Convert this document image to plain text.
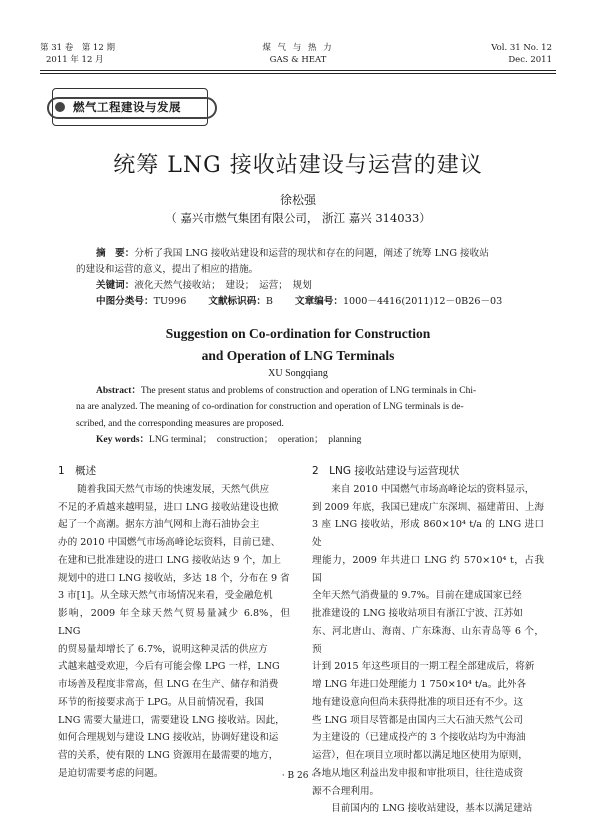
第 31 卷　第 12 期
2011 年 12 月
煤 气 与 热 力
GAS & HEAT
Vol. 31 No. 12
Dec. 2011
燃气工程建设与发展
统筹 LNG 接收站建设与运营的建议
徐松强
（ 嘉兴市燃气集团有限公司， 浙江 嘉兴 314033）
摘　要：分析了我国 LNG 接收站建设和运营的现状和存在的问题，阐述了统筹 LNG 接收站
的建设和运营的意义，提出了相应的措施。
关键词：液化天然气接收站；　建设；　运营；　规划
中图分类号： TU996 文献标识码： B 文章编号： 1000－4416(2011)12－0B26－03
Suggestion on Co-ordination for Construction
and Operation of LNG Terminals
XU Songqiang
Abstract：The present status and problems of construction and operation of LNG terminals in Chi-
na are analyzed. The meaning of co-ordination for construction and operation of LNG terminals is de-
scribed, and the corresponding measures are proposed.
Key words：LNG terminal；　construction；　operation；　planning
1　概述
　　随着我国天然气市场的快速发展，天然气供应
不足的矛盾越来越明显，进口 LNG 接收站建设也掀
起了一个高潮。据东方油气网和上海石油协会主
办的 2010 中国燃气市场高峰论坛资料，目前已建、
在建和已批准建设的进口 LNG 接收站达 9 个，加上
规划中的进口 LNG 接收站，多达 18 个，分布在 9 省
3 市[1]。从全球天然气市场情况来看，受金融危机
影响，2009 年全球天然气贸易量减少 6.8%，但 LNG
的贸易量却增长了 6.7%，说明这种灵活的供应方
式越来越受欢迎，今后有可能会像 LPG 一样，LNG
市场善及程度非常高，但 LNG 在生产、储存和消费
环节的衔接要求高于 LPG。从目前情况看，我国
LNG 需要大量进口，需要建设 LNG 接收站。因此，
如何合理规划与建设 LNG 接收站，协调好建设和运
营的关系，使有限的 LNG 资源用在最需要的地方，
是迫切需要考虑的问题。
2　LNG 接收站建设与运营现状
　　来自 2010 中国燃气市场高峰论坛的资料显示，
到 2009 年底，我国已建成广东深圳、福建莆田、上海
3 座 LNG 接收站，形成 860×10⁴ t/a 的 LNG 进口处
理能力，2009 年共进口 LNG 约 570×10⁴ t，占我国
全年天然气消费量的 9.7%。目前在建成国家已经
批准建设的 LNG 接收站项目有浙江宁波、江苏如
东、河北唐山、海南、广东珠海、山东青岛等 6 个，预
计到 2015 年这些项目的一期工程全部建成后，将新
增 LNG 年进口处理能力 1 750×10⁴ t/a。此外各
地有建设意向但尚未获得批准的项目还有不少。这
些 LNG 项目尽管都是由国内三大石油天然气公司
为主建设的（已建成投产的 3 个接收站均为中海油
运营），但在项目立项时都以满足地区使用为原则，
各地从地区利益出发申报和审批项目，往往造成资
源不合理利用。
　　目前国内的 LNG 接收站建设，基本以满足建站
· B 26 ·
